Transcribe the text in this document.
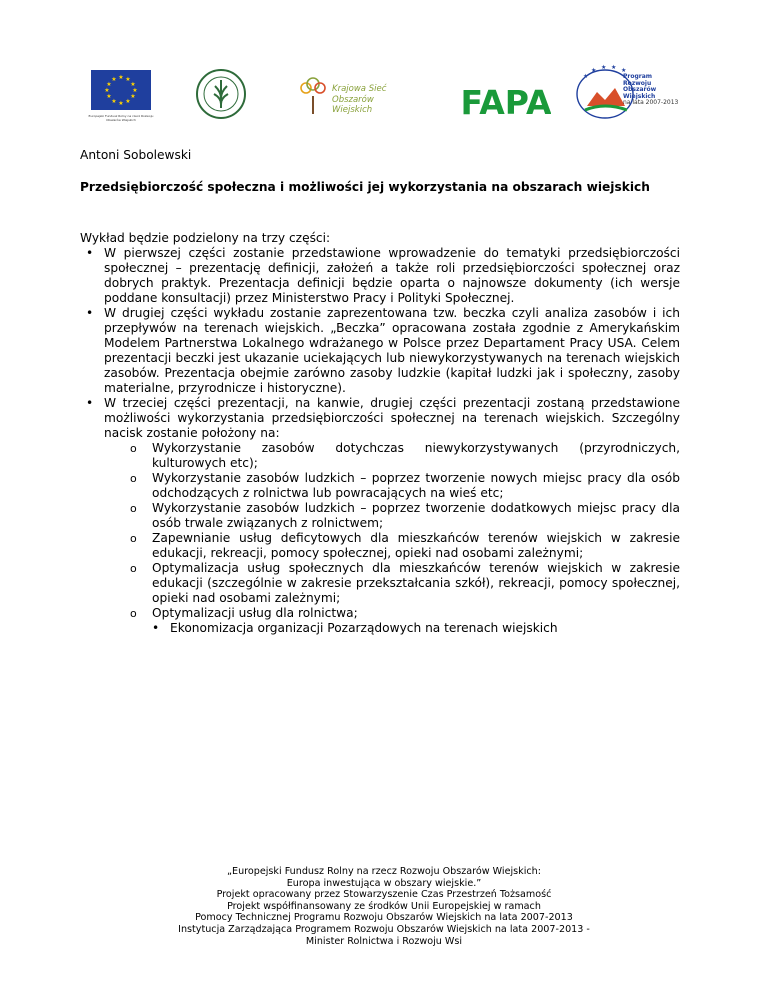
★ ★
★
★
★
★
★
★
★
★
★
★
Europejski Fundusz Rolny na rzecz Rozwoju Obszarów Wiejskich
Krajowa Sieć
Obszarów Wiejskich	FAPA
★
★ ★ ★ ★
Program
Rozwoju
Obszarów
Wiejskich
na lata 2007-2013
Antoni Sobolewski
Przedsiębiorczość społeczna i możliwości jej wykorzystania na obszarach wiejskich
Wykład będzie podzielony na trzy części:
• W pierwszej części zostanie przedstawione wprowadzenie do tematyki przedsiębiorczości społecznej – prezentację definicji, założeń a także roli przedsiębiorczości społecznej oraz dobrych praktyk. Prezentacja definicji będzie oparta o najnowsze dokumenty (ich wersje poddane konsultacji) przez Ministerstwo Pracy i Polityki Społecznej.
• W drugiej części wykładu zostanie zaprezentowana tzw. beczka czyli analiza zasobów i ich przepływów na terenach wiejskich. „Beczka” opracowana została zgodnie z Amerykańskim Modelem Partnerstwa Lokalnego wdrażanego w Polsce przez Departament Pracy USA. Celem prezentacji beczki jest ukazanie uciekających lub niewykorzystywanych na terenach wiejskich zasobów. Prezentacja obejmie zarówno zasoby ludzkie (kapitał ludzki jak i społeczny, zasoby materialne, przyrodnicze i historyczne).
• W trzeciej części prezentacji, na kanwie, drugiej części prezentacji zostaną przedstawione możliwości wykorzystania przedsiębiorczości społecznej na terenach wiejskich. Szczególny nacisk zostanie położony na:
o Wykorzystanie zasobów dotychczas niewykorzystywanych (przyrodniczych, kulturowych etc);
o Wykorzystanie zasobów ludzkich – poprzez tworzenie nowych miejsc pracy dla osób odchodzących z rolnictwa lub powracających na wieś etc;
o Wykorzystanie zasobów ludzkich – poprzez tworzenie dodatkowych miejsc pracy dla osób trwale związanych z rolnictwem;
o Zapewnianie usług deficytowych dla mieszkańców terenów wiejskich w zakresie edukacji, rekreacji, pomocy społecznej, opieki nad osobami zależnymi;
o Optymalizacja usług społecznych dla mieszkańców terenów wiejskich w zakresie edukacji (szczególnie w zakresie przekształcania szkół), rekreacji, pomocy społecznej, opieki nad osobami zależnymi;
o Optymalizacji usług dla rolnictwa;
• Ekonomizacja organizacji Pozarządowych na terenach wiejskich
„Europejski Fundusz Rolny na rzecz Rozwoju Obszarów Wiejskich:
Europa inwestująca w obszary wiejskie.”
Projekt opracowany przez Stowarzyszenie Czas Przestrzeń Tożsamość
Projekt współfinansowany ze środków Unii Europejskiej w ramach
Pomocy Technicznej Programu Rozwoju Obszarów Wiejskich na lata 2007-2013
Instytucja Zarządzająca Programem Rozwoju Obszarów Wiejskich na lata 2007-2013 -
Minister Rolnictwa i Rozwoju Wsi
